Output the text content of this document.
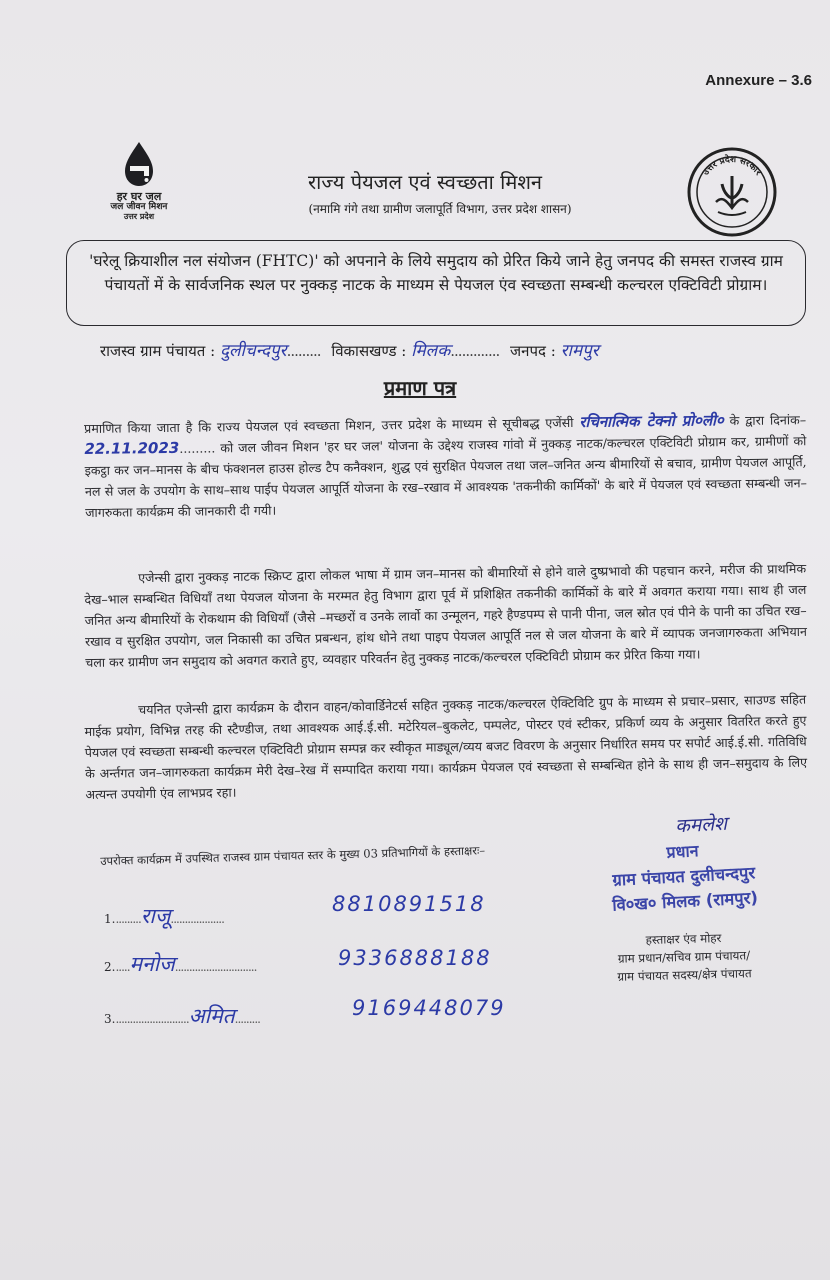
Annexure – 3.6
हर घर जल
जल जीवन मिशन
उत्तर प्रदेश
उत्तर प्रदेश सरकार
राज्य पेयजल एवं स्वच्छता मिशन
(नमामि गंगे तथा ग्रामीण जलापूर्ति विभाग, उत्तर प्रदेश शासन)
'घरेलू क्रियाशील नल संयोजन (FHTC)' को अपनाने के लिये समुदाय को प्रेरित किये जाने हेतु जनपद की समस्त राजस्व ग्राम पंचायतों में के सार्वजनिक स्थल पर नुक्कड़ नाटक के माध्यम से पेयजल एंव स्वच्छता सम्बन्धी कल्चरल एक्टिविटी प्रोग्राम।
राजस्व ग्राम पंचायत : दुलीचन्दपुर......... विकासखण्ड : मिलक............. जनपद : रामपुर
प्रमाण पत्र
प्रमाणित किया जाता है कि राज्य पेयजल एवं स्वच्छता मिशन, उत्तर प्रदेश के माध्यम से सूचीबद्ध एजेंसी रचिनात्मिक टेक्नो प्रो०ली० के द्वारा दिनांक–22.11.2023......... को जल जीवन मिशन 'हर घर जल' योजना के उद्देश्य राजस्व गांवो में नुक्कड़ नाटक/कल्चरल एक्टिविटी प्रोग्राम कर, ग्रामीणों को इकट्ठा कर जन–मानस के बीच फंक्शनल हाउस होल्ड टैप कनैक्शन, शुद्ध एवं सुरक्षित पेयजल तथा जल–जनित अन्य बीमारियों से बचाव, ग्रामीण पेयजल आपूर्ति, नल से जल के उपयोग के साथ–साथ पाईप पेयजल आपूर्ति योजना के रख–रखाव में आवश्यक 'तकनीकी कार्मिकों' के बारे में पेयजल एवं स्वच्छता सम्बन्धी जन–जागरुकता कार्यक्रम की जानकारी दी गयी।
एजेन्सी द्वारा नुक्कड़ नाटक स्क्रिप्ट द्वारा लोकल भाषा में ग्राम जन–मानस को बीमारियों से होने वाले दुष्प्रभावो की पहचान करने, मरीज की प्राथमिक देख–भाल सम्बन्धित विधियाँ तथा पेयजल योजना के मरम्मत हेतु विभाग द्वारा पूर्व में प्रशिक्षित तकनीकी कार्मिकों के बारे में अवगत कराया गया। साथ ही जल जनित अन्य बीमारियों के रोकथाम की विधियाँ (जैसे –मच्छरों व उनके लार्वो का उन्मूलन, गहरे हैण्डपम्प से पानी पीना, जल स्रोत एवं पीने के पानी का उचित रख–रखाव व सुरक्षित उपयोग, जल निकासी का उचित प्रबन्धन, हांथ धोने तथा पाइप पेयजल आपूर्ति नल से जल योजना के बारे में व्यापक जनजागरुकता अभियान चला कर ग्रामीण जन समुदाय को अवगत कराते हुए, व्यवहार परिवर्तन हेतु नुक्कड़ नाटक/कल्चरल एक्टिविटी प्रोग्राम कर प्रेरित किया गया।
चयनित एजेन्सी द्वारा कार्यक्रम के दौरान वाहन/कोवार्डिनेटर्स सहित नुक्कड़ नाटक/कल्चरल ऐक्टिविटि ग्रुप के माध्यम से प्रचार–प्रसार, साउण्ड सहित माईक प्रयोग, विभिन्न तरह की स्टैण्डीज, तथा आवश्यक आई.ई.सी. मटेरियल–बुकलेट, पम्पलेट, पोस्टर एवं स्टीकर, प्रकिर्ण व्यय के अनुसार वितरित करते हुए पेयजल एवं स्वच्छता सम्बन्धी कल्चरल एक्टिविटी प्रोग्राम सम्पन्न कर स्वीकृत माड्यूल/व्यय बजट विवरण के अनुसार निर्धारित समय पर सपोर्ट आई.ई.सी. गतिविधि के अर्न्तगत जन–जागरुकता कार्यक्रम मेरी देख–रेख में सम्पादित कराया गया। कार्यक्रम पेयजल एवं स्वच्छता से सम्बन्धित होने के साथ ही जन–समुदाय के लिए अत्यन्त उपयोगी एंव लाभप्रद रहा।
उपरोक्त कार्यक्रम में उपस्थित राजस्व ग्राम पंचायत स्तर के मुख्य 03 प्रतिभागियों के हस्ताक्षरः–
1..........राजू...................
8810891518
2......मनोज.............................	9336888188
3...........................अमित.........	9169448079
कमलेश
प्रधान
ग्राम पंचायत दुलीचन्दपुर
वि०ख० मिलक (रामपुर)
हस्ताक्षर एंव मोहर
ग्राम प्रधान/सचिव ग्राम पंचायत/
ग्राम पंचायत सदस्य/क्षेत्र पंचायत
